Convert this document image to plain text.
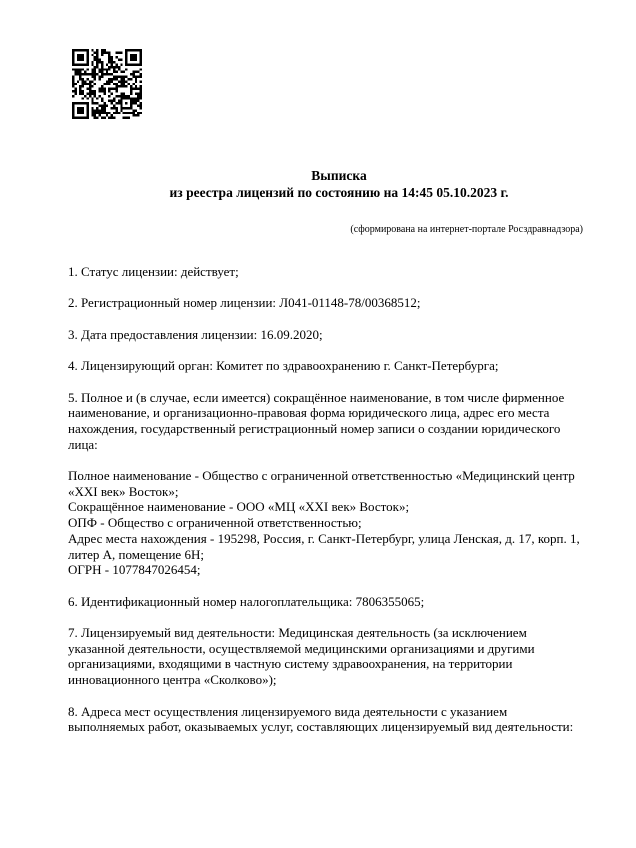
Выписка
из реестра лицензий по состоянию на 14:45 05.10.2023 г.
(сформирована на интернет-портале Росздравнадзора)

1. Статус лицензии: действует;

2. Регистрационный номер лицензии: Л041-01148-78/00368512;

3. Дата предоставления лицензии: 16.09.2020;

4. Лицензирующий орган: Комитет по здравоохранению г. Санкт-Петербурга;

5. Полное и (в случае, если имеется) сокращённое наименование, в том числе фирменное наименование, и организационно-правовая форма юридического лица, адрес его места нахождения, государственный регистрационный номер записи о создании юридического лица:

Полное наименование - Общество с ограниченной ответственностью «Медицинский центр «XXI век» Восток»;
Сокращённое наименование - ООО «МЦ «XXI век» Восток»;
ОПФ - Общество с ограниченной ответственностью;
Адрес места нахождения - 195298, Россия, г. Санкт-Петербург, улица Ленская, д. 17, корп. 1, литер А, помещение 6Н;
ОГРН - 1077847026454;

6. Идентификационный номер налогоплательщика: 7806355065;

7. Лицензируемый вид деятельности: Медицинская деятельность (за исключением указанной деятельности, осуществляемой медицинскими организациями и другими организациями, входящими в частную систему здравоохранения, на территории инновационного центра «Сколково»);

8. Адреса мест осуществления лицензируемого вида деятельности с указанием выполняемых работ, оказываемых услуг, составляющих лицензируемый вид деятельности:
